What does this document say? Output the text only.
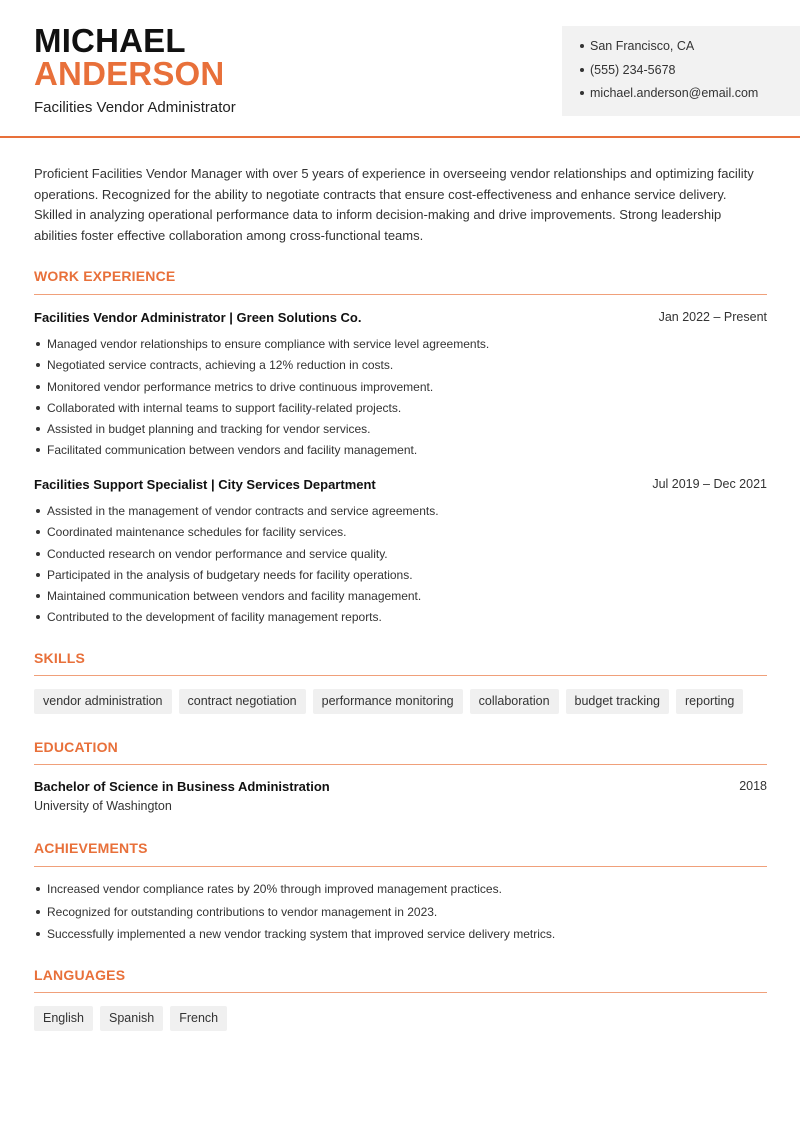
MICHAEL
ANDERSON
Facilities Vendor Administrator
San Francisco, CA
(555) 234-5678
michael.anderson@email.com

Proficient Facilities Vendor Manager with over 5 years of experience in overseeing vendor relationships and optimizing facility operations. Recognized for the ability to negotiate contracts that ensure cost-effectiveness and enhance service delivery. Skilled in analyzing operational performance data to inform decision-making and drive improvements. Strong leadership abilities foster effective collaboration among cross-functional teams.

WORK EXPERIENCE
Facilities Vendor Administrator | Green Solutions Co.	Jan 2022 – Present
Managed vendor relationships to ensure compliance with service level agreements.
Negotiated service contracts, achieving a 12% reduction in costs.
Monitored vendor performance metrics to drive continuous improvement.
Collaborated with internal teams to support facility-related projects.
Assisted in budget planning and tracking for vendor services.
Facilitated communication between vendors and facility management.
Facilities Support Specialist | City Services Department	Jul 2019 – Dec 2021
Assisted in the management of vendor contracts and service agreements.
Coordinated maintenance schedules for facility services.
Conducted research on vendor performance and service quality.
Participated in the analysis of budgetary needs for facility operations.
Maintained communication between vendors and facility management.
Contributed to the development of facility management reports.
SKILLS
vendor administration	contract negotiation	performance monitoring	collaboration	budget tracking	reporting
EDUCATION
Bachelor of Science in Business Administration	2018
University of Washington
ACHIEVEMENTS
Increased vendor compliance rates by 20% through improved management practices.
Recognized for outstanding contributions to vendor management in 2023.
Successfully implemented a new vendor tracking system that improved service delivery metrics.
LANGUAGES
English	Spanish	French
